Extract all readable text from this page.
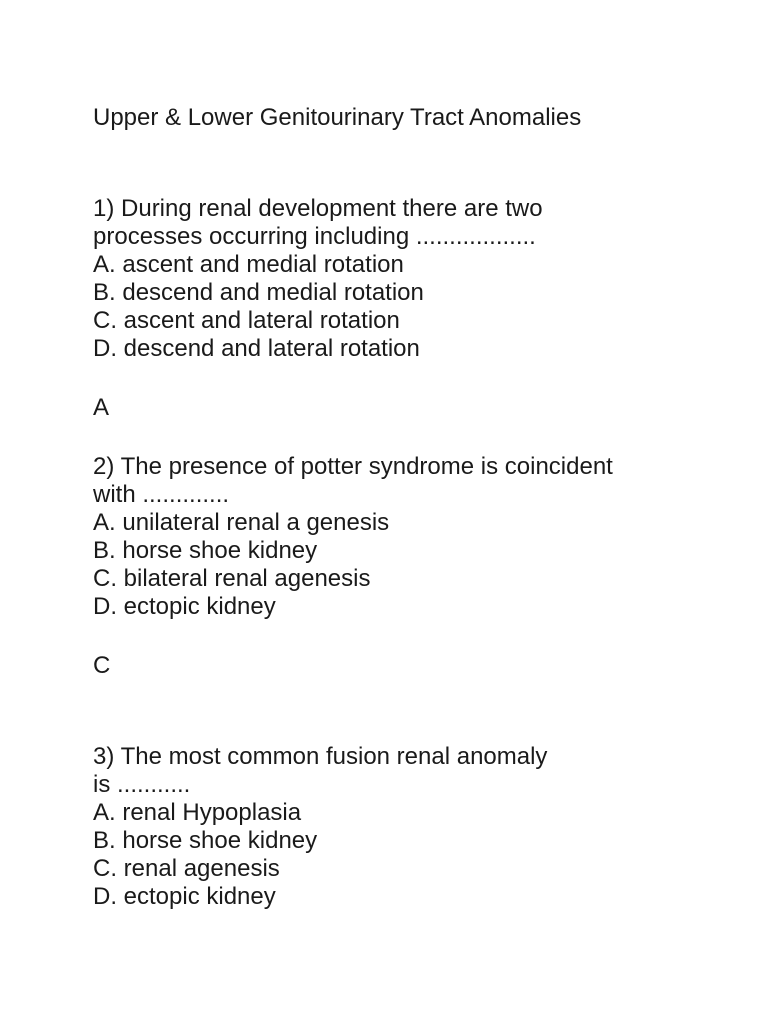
Upper & Lower Genitourinary Tract Anomalies
1) During renal development there are two
processes occurring including ..................
A. ascent and medial rotation
B. descend and medial rotation
C. ascent and lateral rotation
D. descend and lateral rotation
A
2) The presence of potter syndrome is coincident
with .............
A. unilateral renal a genesis
B. horse shoe kidney
C. bilateral renal agenesis
D. ectopic kidney
C
3) The most common fusion renal anomaly
is ...........
A. renal Hypoplasia
B. horse shoe kidney
C. renal agenesis
D. ectopic kidney
